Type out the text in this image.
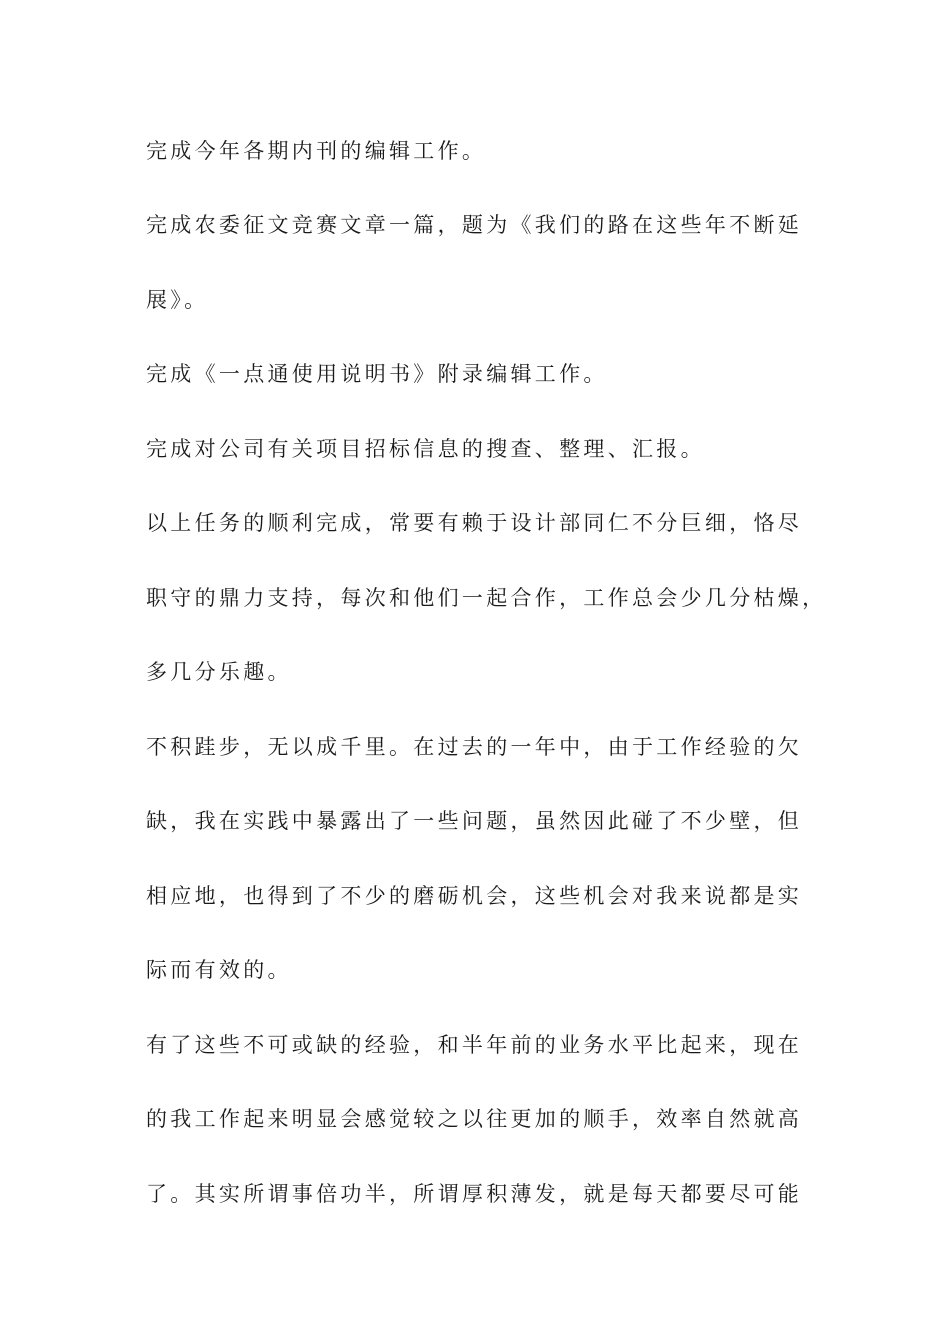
完成今年各期内刊的编辑工作。

完成农委征文竞赛文章一篇，题为《我们的路在这些年不断延

展》。

完成《一点通使用说明书》附录编辑工作。

完成对公司有关项目招标信息的搜查、整理、汇报。

以上任务的顺利完成，常要有赖于设计部同仁不分巨细，恪尽

职守的鼎力支持，每次和他们一起合作，工作总会少几分枯燥，

多几分乐趣。

不积跬步，无以成千里。在过去的一年中，由于工作经验的欠

缺，我在实践中暴露出了一些问题，虽然因此碰了不少壁，但

相应地，也得到了不少的磨砺机会，这些机会对我来说都是实

际而有效的。

有了这些不可或缺的经验，和半年前的业务水平比起来，现在

的我工作起来明显会感觉较之以往更加的顺手，效率自然就高

了。其实所谓事倍功半，所谓厚积薄发，就是每天都要尽可能
